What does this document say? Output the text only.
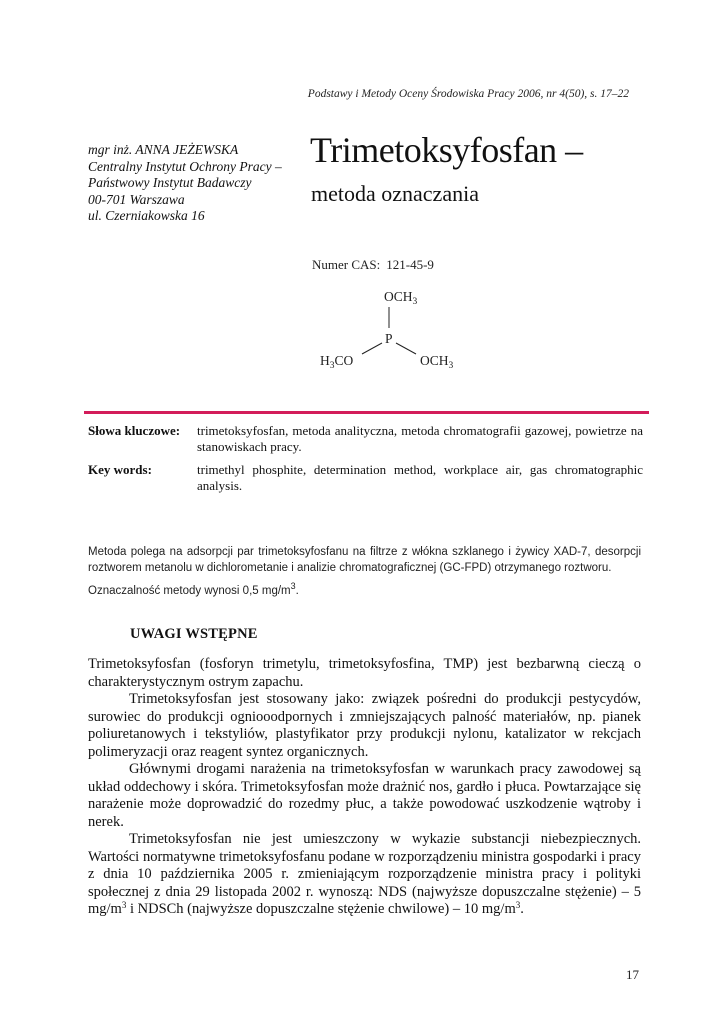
Podstawy i Metody Oceny Środowiska Pracy 2006, nr 4(50), s. 17–22
mgr inż. ANNA JEŻEWSKA
Centralny Instytut Ochrony Pracy –
Państwowy Instytut Badawczy
00-701 Warszawa
ul. Czerniakowska 16
Trimetoksyfosfan –
metoda oznaczania
Numer CAS: 121-45-9
$OCH_3$
P
$H_3CO$	$OCH_3$
Słowa kluczowe:	trimetoksyfosfan, metoda analityczna, metoda chromatografii gazowej, powietrze na stanowiskach pracy.
Key words:	trimethyl phosphite, determination method, workplace air, gas chromatographic analysis.

Metoda polega na adsorpcji par trimetoksyfosfanu na filtrze z włókna szklanego i żywicy XAD-7, desorpcji roztworem metanolu w dichlorometanie i analizie chromatograficznej (GC-FPD) otrzymanego roztworu.

Oznaczalność metody wynosi 0,5 $mg/m^3$.

UWAGI WSTĘPNE

Trimetoksyfosfan (fosforyn trimetylu, trimetoksyfosfina, TMP) jest bezbarwną cieczą o charakterystycznym ostrym zapachu.

Trimetoksyfosfan jest stosowany jako: związek pośredni do produkcji pestycydów, surowiec do produkcji ogniooodpornych i zmniejszających palność materiałów, np. pianek poliuretanowych i tekstyliów, plastyfikator przy produkcji nylonu, katalizator w rekcjach polimeryzacji oraz reagent syntez organicznych.

Głównymi drogami narażenia na trimetoksyfosfan w warunkach pracy zawodowej są układ oddechowy i skóra. Trimetoksyfosfan może drażnić nos, gardło i płuca. Powtarzające się narażenie może doprowadzić do rozedmy płuc, a także powodować uszkodzenie wątroby i nerek.

Trimetoksyfosfan nie jest umieszczony w wykazie substancji niebezpiecznych. Wartości normatywne trimetoksyfosfanu podane w rozporządzeniu ministra gospodarki i pracy z dnia 10 października 2005 r. zmieniającym rozporządzenie ministra pracy i polityki społecznej z dnia 29 listopada 2002 r. wynoszą: NDS (najwyższe dopuszczalne stężenie) – 5 $mg/m^3$ i NDSCh (najwyższe dopuszczalne stężenie chwilowe) – 10 $mg/m^3$.

17
